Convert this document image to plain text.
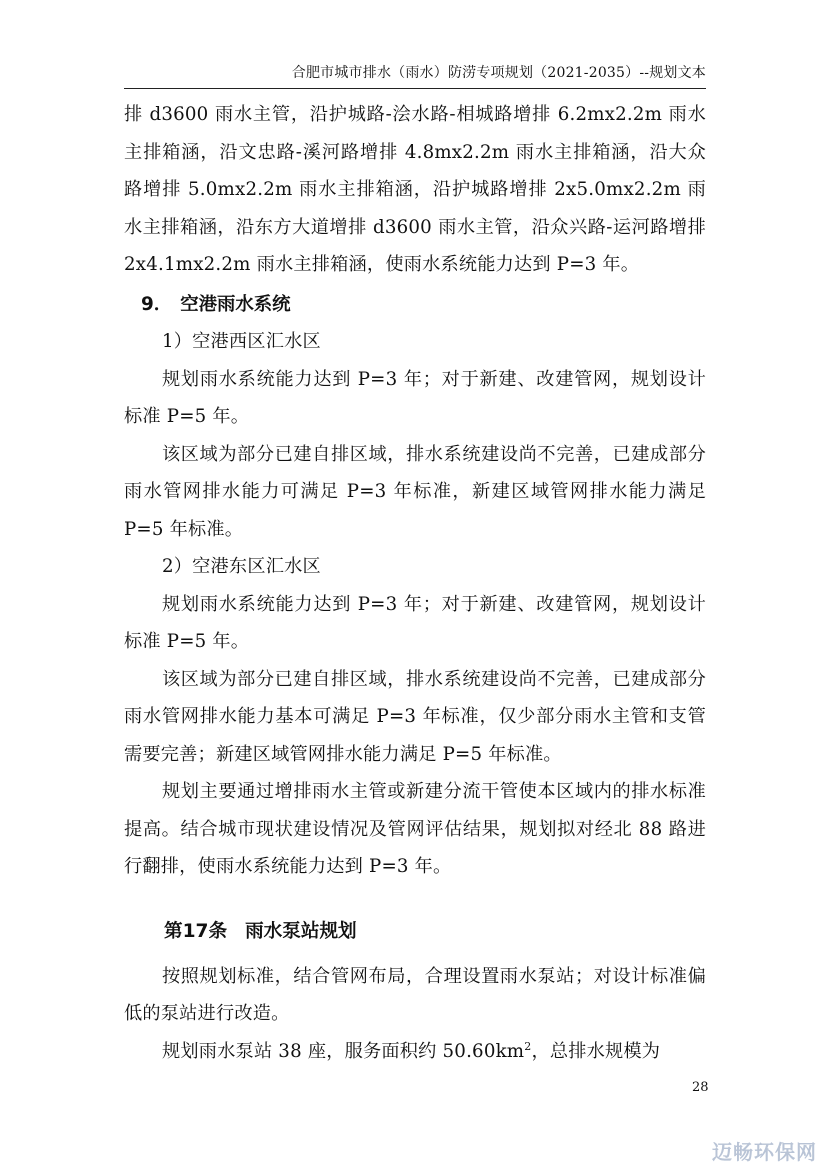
合肥市城市排水（雨水）防涝专项规划（2021-2035）--规划文本

排 d3600 雨水主管，沿护城路-浍水路-相城路增排 6.2mx2.2m 雨水主排箱涵，沿文忠路-溪河路增排 4.8mx2.2m 雨水主排箱涵，沿大众路增排 5.0mx2.2m 雨水主排箱涵，沿护城路增排 2x5.0mx2.2m 雨水主排箱涵，沿东方大道增排 d3600 雨水主管，沿众兴路-运河路增排 2x4.1mx2.2m 雨水主排箱涵，使雨水系统能力达到 P=3 年。

9． 空港雨水系统

1）空港西区汇水区

规划雨水系统能力达到 P=3 年；对于新建、改建管网，规划设计标准 P=5 年。

该区域为部分已建自排区域，排水系统建设尚不完善，已建成部分雨水管网排水能力可满足 P=3 年标准，新建区域管网排水能力满足 P=5 年标准。

2）空港东区汇水区

规划雨水系统能力达到 P=3 年；对于新建、改建管网，规划设计标准 P=5 年。

该区域为部分已建自排区域，排水系统建设尚不完善，已建成部分雨水管网排水能力基本可满足 P=3 年标准，仅少部分雨水主管和支管需要完善；新建区域管网排水能力满足 P=5 年标准。

规划主要通过增排雨水主管或新建分流干管使本区域内的排水标准提高。结合城市现状建设情况及管网评估结果，规划拟对经北 88 路进行翻排，使雨水系统能力达到 P=3 年。

第17条 雨水泵站规划

按照规划标准，结合管网布局，合理设置雨水泵站；对设计标准偏低的泵站进行改造。

规划雨水泵站 38 座，服务面积约 $50.60km^2$，总排水规模为

28
迈畅环保网
